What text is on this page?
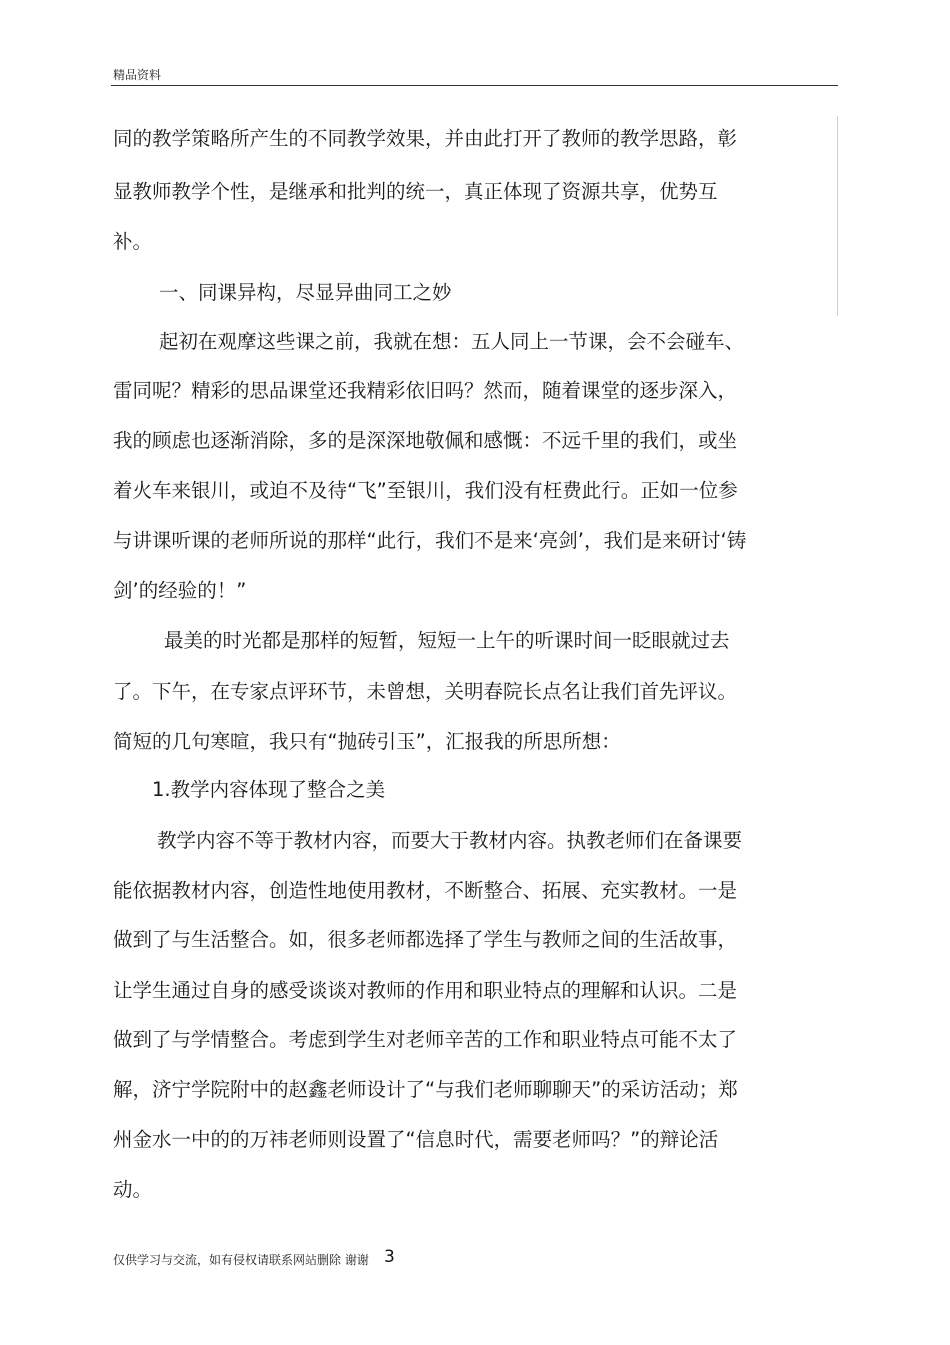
精品资料
同的教学策略所产生的不同教学效果，并由此打开了教师的教学思路，彰
显教师教学个性，是继承和批判的统一，真正体现了资源共享，优势互
补。
一、同课异构，尽显异曲同工之妙
起初在观摩这些课之前，我就在想：五人同上一节课，会不会碰车、
雷同呢？精彩的思品课堂还我精彩依旧吗？然而，随着课堂的逐步深入，
我的顾虑也逐渐消除，多的是深深地敬佩和感慨：不远千里的我们，或坐
着火车来银川，或迫不及待“飞”至银川，我们没有枉费此行。正如一位参
与讲课听课的老师所说的那样“此行，我们不是来‘亮剑’，我们是来研讨‘铸
剑’的经验的！”
最美的时光都是那样的短暂，短短一上午的听课时间一眨眼就过去
了。下午，在专家点评环节，未曾想，关明春院长点名让我们首先评议。
简短的几句寒暄，我只有“抛砖引玉”，汇报我的所思所想：
1.教学内容体现了整合之美
教学内容不等于教材内容，而要大于教材内容。执教老师们在备课要
能依据教材内容，创造性地使用教材，不断整合、拓展、充实教材。一是
做到了与生活整合。如，很多老师都选择了学生与教师之间的生活故事，
让学生通过自身的感受谈谈对教师的作用和职业特点的理解和认识。二是
做到了与学情整合。考虑到学生对老师辛苦的工作和职业特点可能不太了
解，济宁学院附中的赵鑫老师设计了“与我们老师聊聊天”的采访活动；郑
州金水一中的的万祎老师则设置了“信息时代，需要老师吗？”的辩论活
动。
仅供学习与交流，如有侵权请联系网站删除 谢谢 3
